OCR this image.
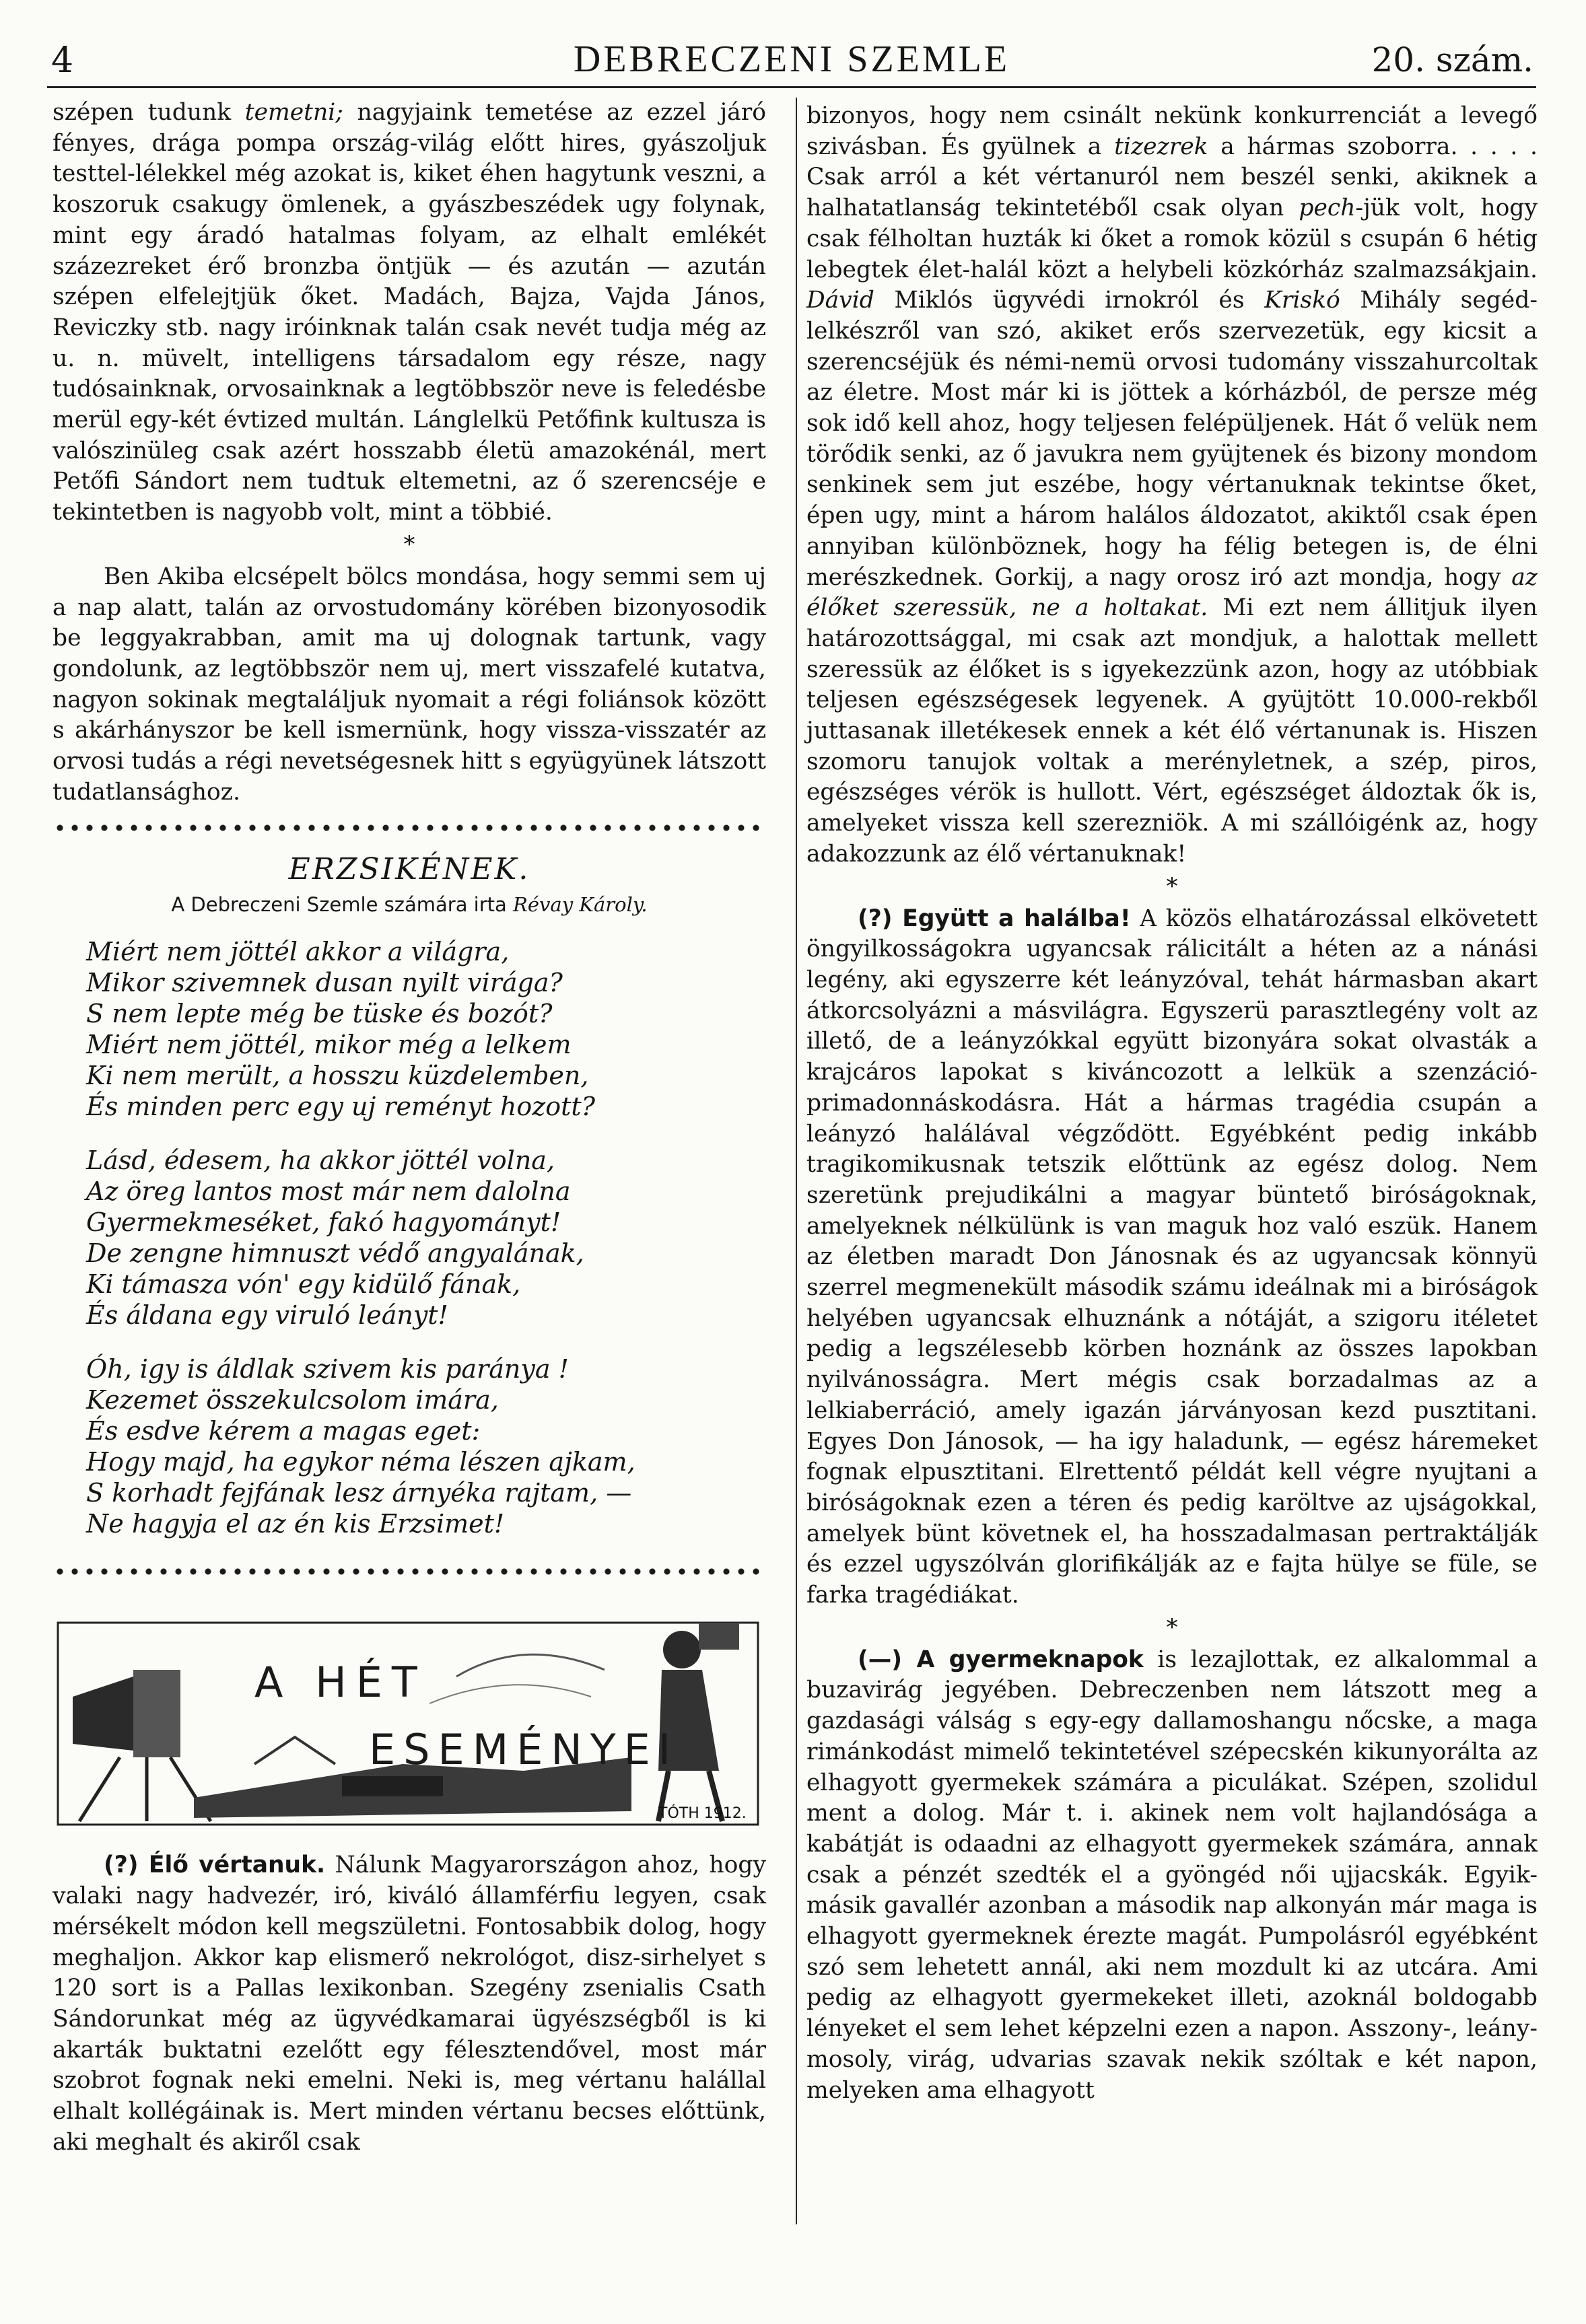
4	DEBRECZENI SZEMLE	20. szám.

szépen tudunk temetni; nagyjaink temetése az ezzel járó fényes, drága pompa ország-világ előtt hires, gyászoljuk testtel-lélekkel még azokat is, kiket éhen hagytunk veszni, a koszoruk csakugy ömlenek, a gyászbeszédek ugy folynak, mint egy áradó hatalmas folyam, az elhalt emlékét százezreket érő bronzba öntjük — és azután — azután szépen elfelejtjük őket. Madách, Bajza, Vajda János, Reviczky stb. nagy iróinknak talán csak nevét tudja még az u. n. müvelt, intelligens társadalom egy része, nagy tudósainknak, orvosainknak a legtöbbször neve is feledésbe merül egy-két évtized multán. Lánglelkü Petőfink kultusza is valószinüleg csak azért hosszabb életü amazokénál, mert Petőfi Sándort nem tudtuk eltemetni, az ő szerencséje e tekintetben is nagyobb volt, mint a többié.

*

Ben Akiba elcsépelt bölcs mondása, hogy semmi sem uj a nap alatt, talán az orvostudomány körében bizonyosodik be leggyakrabban, amit ma uj dolognak tartunk, vagy gondolunk, az legtöbbször nem uj, mert visszafelé kutatva, nagyon sokinak megtaláljuk nyomait a régi foliánsok között s akárhányszor be kell ismernünk, hogy vissza-visszatér az orvosi tudás a régi nevetségesnek hitt s együgyünek látszott tudatlansághoz.

ERZSIKÉNEK.
A Debreczeni Szemle számára irta Révay Károly.
Miért nem jöttél akkor a világra,
Mikor szivemnek dusan nyilt virága?
S nem lepte még be tüske és bozót?
Miért nem jöttél, mikor még a lelkem
Ki nem merült, a hosszu küzdelemben,
És minden perc egy uj reményt hozott?
Lásd, édesem, ha akkor jöttél volna,
Az öreg lantos most már nem dalolna
Gyermekmeséket, fakó hagyományt!
De zengne himnuszt védő angyalának,
Ki támasza vón' egy kidülő fának,
És áldana egy viruló leányt!
Óh, igy is áldlak szivem kis paránya !
Kezemet összekulcsolom imára,
És esdve kérem a magas eget:
Hogy majd, ha egykor néma lészen ajkam,
S korhadt fejfának lesz árnyéka rajtam, —
Ne hagyja el az én kis Erzsimet!
A HÉT
ESEMÉNYEI
TÓTH 1912.

(?) Élő vértanuk. Nálunk Magyarországon ahoz, hogy valaki nagy hadvezér, iró, kiváló államférfiu legyen, csak mérsékelt módon kell megszületni. Fontosabbik dolog, hogy meghaljon. Akkor kap elismerő nekrológot, disz-sirhelyet s 120 sort is a Pallas lexikonban. Szegény zsenialis Csath Sándorunkat még az ügyvédkamarai ügyészségből is ki akarták buktatni ezelőtt egy félesztendővel, most már szobrot fognak neki emelni. Neki is, meg vértanu halállal elhalt kollégáinak is. Mert minden vértanu becses előttünk, aki meghalt és akiről csak

bizonyos, hogy nem csinált nekünk konkurrenciát a levegő szivásban. És gyülnek a tizezrek a hármas szoborra. . . . . Csak arról a két vértanuról nem beszél senki, akiknek a halhatatlanság tekintetéből csak olyan pech-jük volt, hogy csak félholtan huzták ki őket a romok közül s csupán 6 hétig lebegtek élet-halál közt a helybeli közkórház szalmazsákjain. Dávid Miklós ügyvédi irnokról és Kriskó Mihály segéd-lelkészről van szó, akiket erős szervezetük, egy kicsit a szerencséjük és némi-nemü orvosi tudomány visszahurcoltak az életre. Most már ki is jöttek a kórházból, de persze még sok idő kell ahoz, hogy teljesen felépüljenek. Hát ő velük nem törődik senki, az ő javukra nem gyüjtenek és bizony mondom senkinek sem jut eszébe, hogy vértanuknak tekintse őket, épen ugy, mint a három halálos áldozatot, akiktől csak épen annyiban különböznek, hogy ha félig betegen is, de élni merészkednek. Gorkij, a nagy orosz iró azt mondja, hogy az élőket szeressük, ne a holtakat. Mi ezt nem állitjuk ilyen határozottsággal, mi csak azt mondjuk, a halottak mellett szeressük az élőket is s igyekezzünk azon, hogy az utóbbiak teljesen egészségesek legyenek. A gyüjtött 10.000-rekből juttasanak illetékesek ennek a két élő vértanunak is. Hiszen szomoru tanujok voltak a merényletnek, a szép, piros, egészséges vérök is hullott. Vért, egészséget áldoztak ők is, amelyeket vissza kell szerezniök. A mi szállóigénk az, hogy adakozzunk az élő vértanuknak!

*

(?) Együtt a halálba! A közös elhatározással elkövetett öngyilkosságokra ugyancsak rálicitált a héten az a nánási legény, aki egyszerre két leányzóval, tehát hármasban akart átkorcsolyázni a másvilágra. Egyszerü parasztlegény volt az illető, de a leányzókkal együtt bizonyára sokat olvasták a krajcáros lapokat s kiváncozott a lelkük a szenzáció-primadonnáskodásra. Hát a hármas tragédia csupán a leányzó halálával végződött. Egyébként pedig inkább tragikomikusnak tetszik előttünk az egész dolog. Nem szeretünk prejudikálni a magyar büntető biróságoknak, amelyeknek nélkülünk is van maguk hoz való eszük. Hanem az életben maradt Don Jánosnak és az ugyancsak könnyü szerrel megmenekült második számu ideálnak mi a biróságok helyében ugyancsak elhuznánk a nótáját, a szigoru itéletet pedig a legszélesebb körben hoznánk az összes lapokban nyilvánosságra. Mert mégis csak borzadalmas az a lelkiaberráció, amely igazán járványosan kezd pusztitani. Egyes Don Jánosok, — ha igy haladunk, — egész háremeket fognak elpusztitani. Elrettentő példát kell végre nyujtani a biróságoknak ezen a téren és pedig karöltve az ujságokkal, amelyek bünt követnek el, ha hosszadalmasan pertraktálják és ezzel ugyszólván glorifikálják az e fajta hülye se füle, se farka tragédiákat.

*

(—) A gyermeknapok is lezajlottak, ez alkalommal a buzavirág jegyében. Debreczenben nem látszott meg a gazdasági válság s egy-egy dallamoshangu nőcske, a maga rimánkodást mimelő tekintetével szépecskén kikunyorálta az elhagyott gyermekek számára a piculákat. Szépen, szolidul ment a dolog. Már t. i. akinek nem volt hajlandósága a kabátját is odaadni az elhagyott gyermekek számára, annak csak a pénzét szedték el a gyöngéd női ujjacskák. Egyik-másik gavallér azonban a második nap alkonyán már maga is elhagyott gyermeknek érezte magát. Pumpolásról egyébként szó sem lehetett annál, aki nem mozdult ki az utcára. Ami pedig az elhagyott gyermekeket illeti, azoknál boldogabb lényeket el sem lehet képzelni ezen a napon. Asszony-, leány-mosoly, virág, udvarias szavak nekik szóltak e két napon, melyeken ama elhagyott
